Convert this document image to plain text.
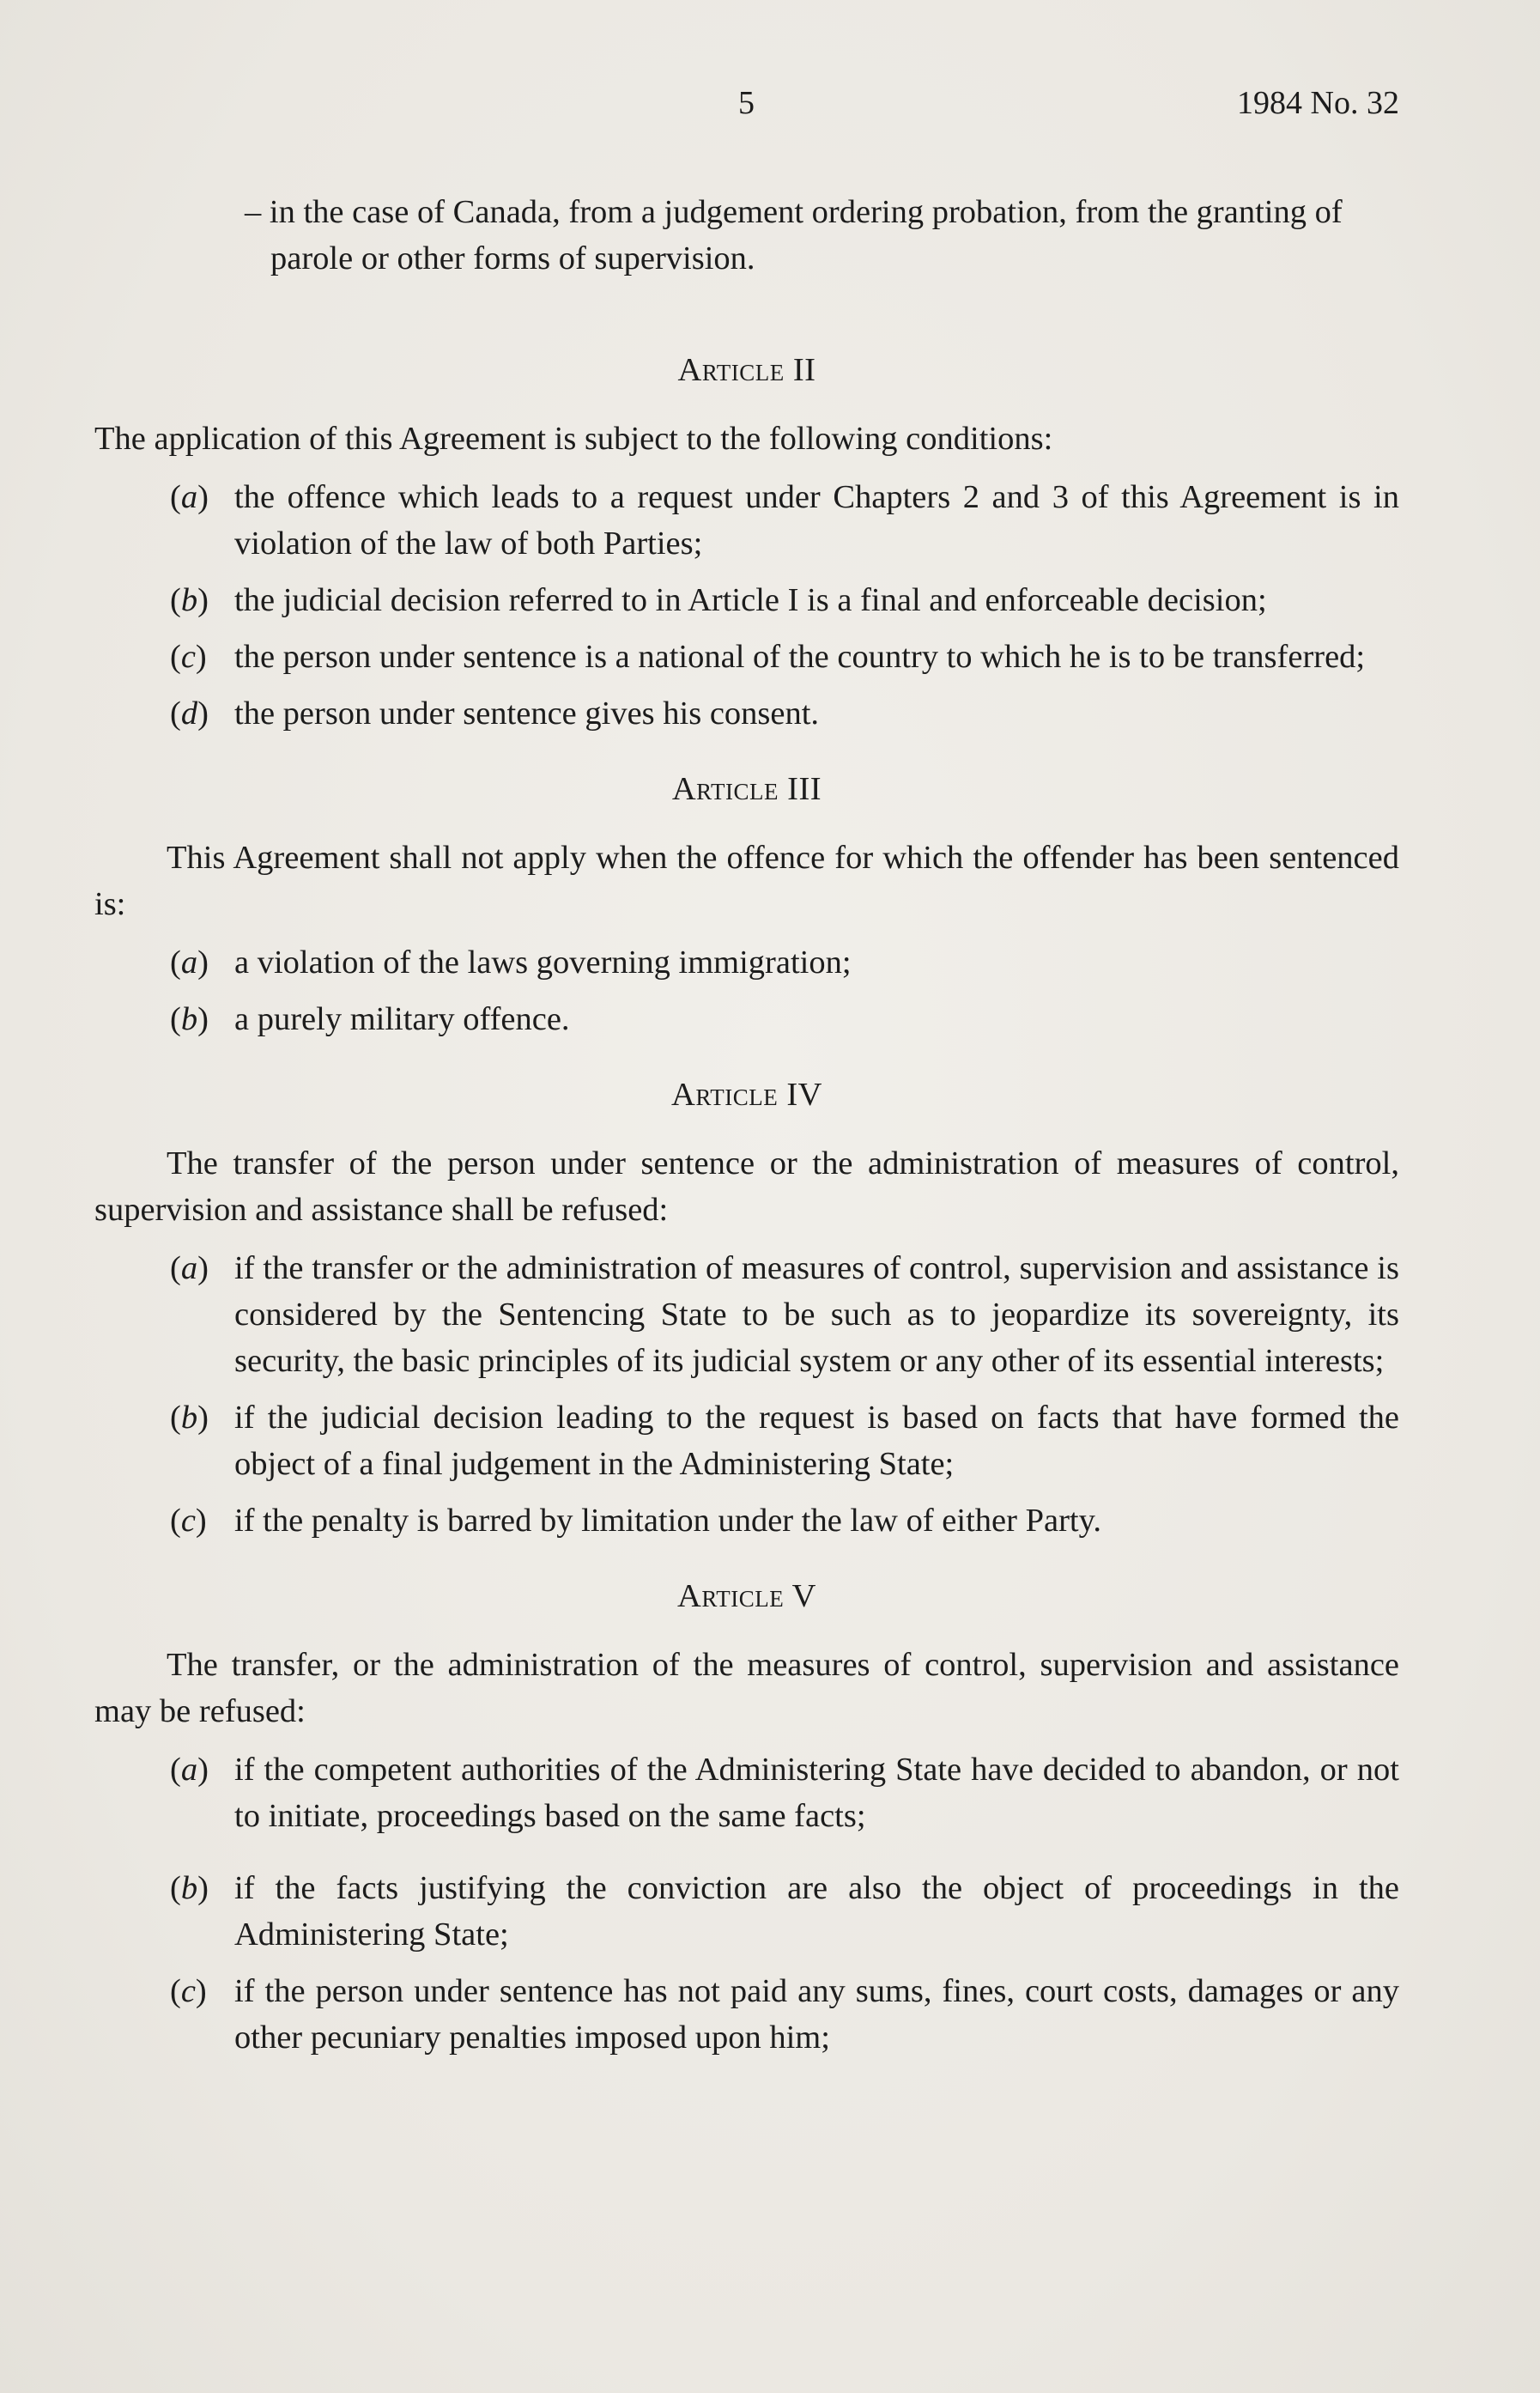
5	1984 No. 32

– in the case of Canada, from a judgement ordering probation, from the granting of parole or other forms of supervision.

Article II

The application of this Agreement is subject to the following conditions:

(a) the offence which leads to a request under Chapters 2 and 3 of this Agreement is in violation of the law of both Parties;
(b) the judicial decision referred to in Article I is a final and enforceable decision;
(c) the person under sentence is a national of the country to which he is to be transferred;
(d) the person under sentence gives his consent.
Article III

This Agreement shall not apply when the offence for which the offender has been sentenced is:

(a) a violation of the laws governing immigration;
(b) a purely military offence.
Article IV

The transfer of the person under sentence or the administration of measures of control, supervision and assistance shall be refused:

(a) if the transfer or the administration of measures of control, supervision and assistance is considered by the Sentencing State to be such as to jeopardize its sovereignty, its security, the basic principles of its judicial system or any other of its essential interests;
(b) if the judicial decision leading to the request is based on facts that have formed the object of a final judgement in the Administering State;
(c) if the penalty is barred by limitation under the law of either Party.
Article V

The transfer, or the administration of the measures of control, supervision and assistance may be refused:

(a) if the competent authorities of the Administering State have decided to abandon, or not to initiate, proceedings based on the same facts;
(b) if the facts justifying the conviction are also the object of proceedings in the Administering State;
(c) if the person under sentence has not paid any sums, fines, court costs, damages or any other pecuniary penalties imposed upon him;
